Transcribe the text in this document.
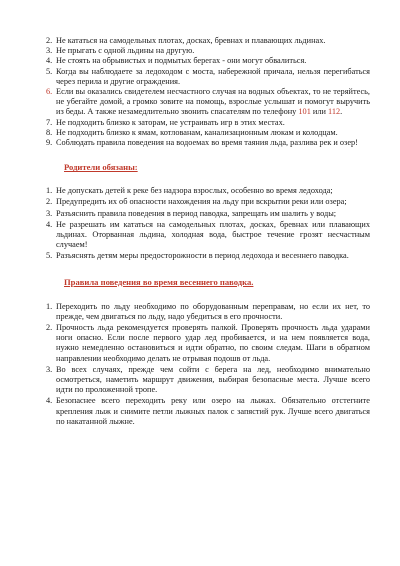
2. Не кататься на самодельных плотах, досках, бревнах и плавающих льдинах.
3. Не прыгать с одной льдины на другую.
4. Не стоять на обрывистых и подмытых берегах - они могут обвалиться.
5. Когда вы наблюдаете за ледоходом с моста, набережной причала, нельзя перегибаться через перила и другие ограждения.
6. Если вы оказались свидетелем несчастного случая на водных объектах, то не теряйтесь, не убегайте домой, а громко зовите на помощь, взрослые услышат и помогут выручить из беды. А также незамедлительно звонить спасателям по телефону 101 или 112.
7. Не подходить близко к заторам, не устраивать игр в этих местах.
8. Не подходить близко к ямам, котлованам, канализационным люкам и колодцам.
9. Соблюдать правила поведения на водоемах во время таяния льда, разлива рек и озер!
Родители обязаны:
1. Не допускать детей к реке без надзора взрослых, особенно во время ледохода;
2. Предупредить их об опасности нахождения на льду при вскрытии реки или озера;
3. Разъяснить правила поведения в период паводка, запрещать им шалить у воды;
4. Не разрешать им кататься на самодельных плотах, досках, бревнах или плавающих льдинах. Оторванная льдина, холодная вода, быстрое течение грозят несчастным случаем!
5. Разъяснять детям меры предосторожности в период ледохода и весеннего паводка.
Правила поведения во время весеннего паводка.
1. Переходить по льду необходимо по оборудованным переправам, но если их нет, то прежде, чем двигаться по льду, надо убедиться в его прочности.
2. Прочность льда рекомендуется проверять палкой. Проверять прочность льда ударами ноги опасно. Если после первого удар лед пробивается, и на нем появляется вода, нужно немедленно остановиться и идти обратно, по своим следам. Шаги в обратном направлении необходимо делать не отрывая подошв от льда.
3. Во всех случаях, прежде чем сойти с берега на лед, необходимо внимательно осмотреться, наметить маршрут движения, выбирая безопасные места. Лучше всего идти по проложенной тропе.
4. Безопаснее всего переходить реку или озеро на лыжах. Обязательно отстегните крепления лыж и снимите петли лыжных палок с запястий рук. Лучше всего двигаться по накатанной лыжне.
